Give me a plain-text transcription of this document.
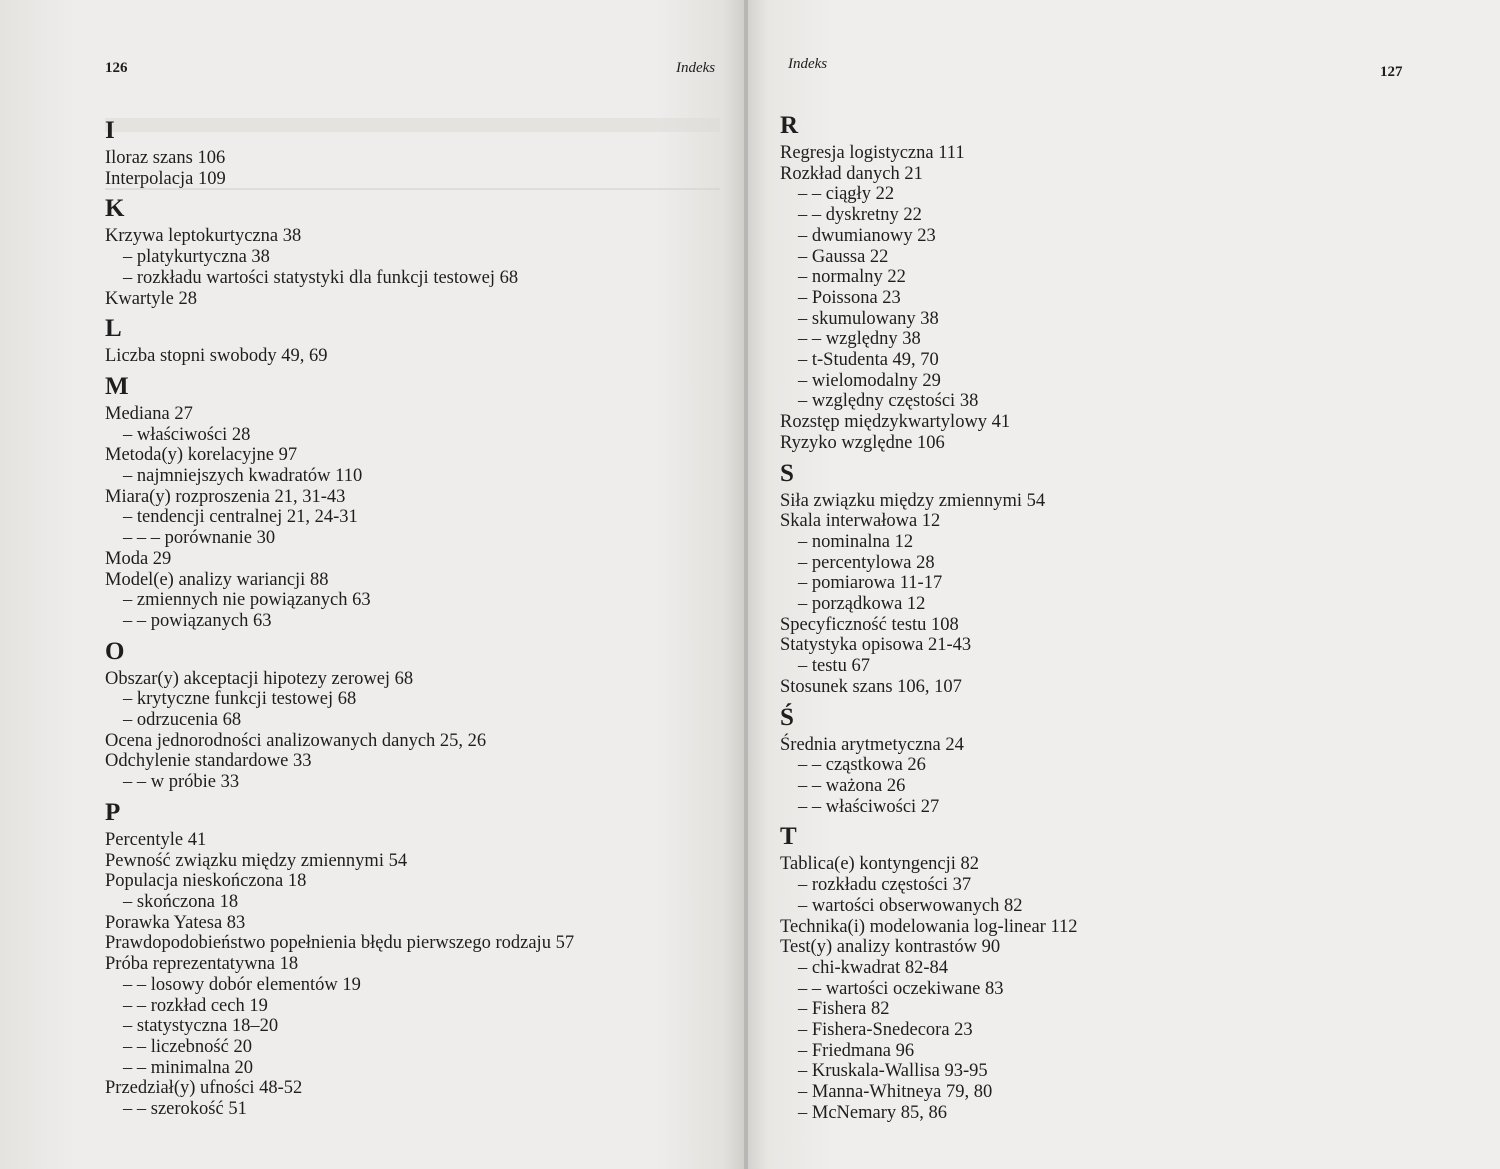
126	Indeks
I
Iloraz szans 106
Interpolacja 109
K
Krzywa leptokurtyczna 38
– platykurtyczna 38
– rozkładu wartości statystyki dla funkcji testowej 68
Kwartyle 28
L
Liczba stopni swobody 49, 69
M
Mediana 27
– właściwości 28
Metoda(y) korelacyjne 97
– najmniejszych kwadratów 110
Miara(y) rozproszenia 21, 31-43
– tendencji centralnej 21, 24-31
– – – porównanie 30
Moda 29
Model(e) analizy wariancji 88
– zmiennych nie powiązanych 63
– – powiązanych 63
O
Obszar(y) akceptacji hipotezy zerowej 68
– krytyczne funkcji testowej 68
– odrzucenia 68
Ocena jednorodności analizowanych danych 25, 26
Odchylenie standardowe 33
– – w próbie 33
P
Percentyle 41
Pewność związku między zmiennymi 54
Populacja nieskończona 18
– skończona 18
Porawka Yatesa 83
Prawdopodobieństwo popełnienia błędu pierwszego rodzaju 57
Próba reprezentatywna 18
– – losowy dobór elementów 19
– – rozkład cech 19
– statystyczna 18–20
– – liczebność 20
– – minimalna 20
Przedział(y) ufności 48-52
– – szerokość 51
Indeks	127
R
Regresja logistyczna 111
Rozkład danych 21
– – ciągły 22
– – dyskretny 22
– dwumianowy 23
– Gaussa 22
– normalny 22
– Poissona 23
– skumulowany 38
– – względny 38
– t-Studenta 49, 70
– wielomodalny 29
– względny częstości 38
Rozstęp międzykwartylowy 41
Ryzyko względne 106
S
Siła związku między zmiennymi 54
Skala interwałowa 12
– nominalna 12
– percentylowa 28
– pomiarowa 11-17
– porządkowa 12
Specyficzność testu 108
Statystyka opisowa 21-43
– testu 67
Stosunek szans 106, 107
Ś
Średnia arytmetyczna 24
– – cząstkowa 26
– – ważona 26
– – właściwości 27
T
Tablica(e) kontyngencji 82
– rozkładu częstości 37
– wartości obserwowanych 82
Technika(i) modelowania log-linear 112
Test(y) analizy kontrastów 90
– chi-kwadrat 82-84
– – wartości oczekiwane 83
– Fishera 82
– Fishera-Snedecora 23
– Friedmana 96
– Kruskala-Wallisa 93-95
– Manna-Whitneya 79, 80
– McNemary 85, 86
